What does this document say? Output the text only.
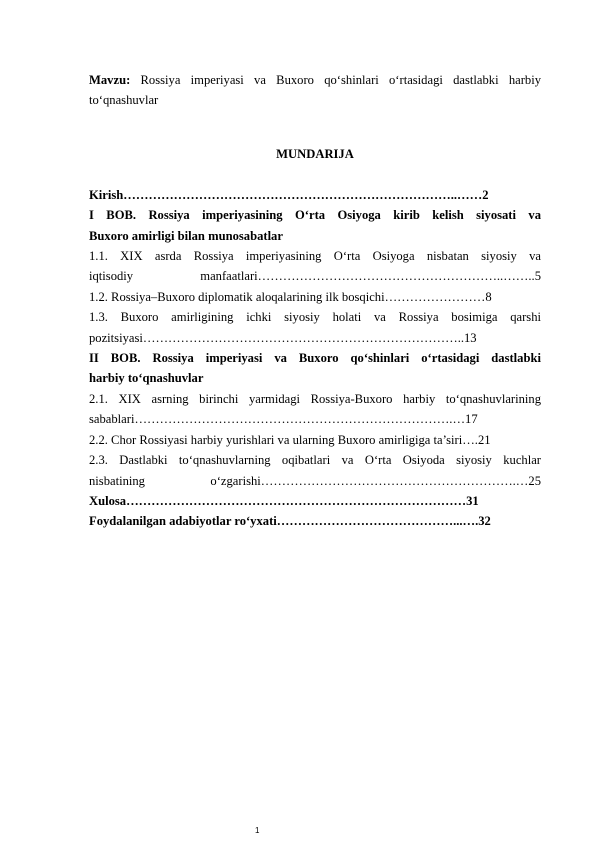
Mavzu: Rossiya imperiyasi va Buxoro qo‘shinlari o‘rtasidagi dastlabki harbiy to‘qnashuvlar

MUNDARIJA

Kirish……………………………………………………………………..……2

I BOB. Rossiya imperiyasining O‘rta Osiyoga kirib kelish siyosati va

Buxoro amirligi bilan munosabatlar

1.1. XIX asrda Rossiya imperiyasining O‘rta Osiyoga nisbatan siyosiy va

iqtisodiy manfaatlari…………………………………………………..……..5

1.2. Rossiya–Buxoro diplomatik aloqalarining ilk bosqichi……………………8

1.3. Buxoro amirligining ichki siyosiy holati va Rossiya bosimiga qarshi

pozitsiyasi…………………………………………………………………..13

II BOB. Rossiya imperiyasi va Buxoro qo‘shinlari o‘rtasidagi dastlabki

harbiy to‘qnashuvlar

2.1. XIX asrning birinchi yarmidagi Rossiya-Buxoro harbiy to‘qnashuvlarining

sabablari………………………………………………………………….…17

2.2. Chor Rossiyasi harbiy yurishlari va ularning Buxoro amirligiga ta’siri….21

2.3. Dastlabki to‘qnashuvlarning oqibatlari va O‘rta Osiyoda siyosiy kuchlar

nisbatining o‘zgarishi…………………………………………………….…25

Xulosa………………………………………………………………………31

Foydalanilgan adabiyotlar ro‘yxati……………………………………...….32

1
